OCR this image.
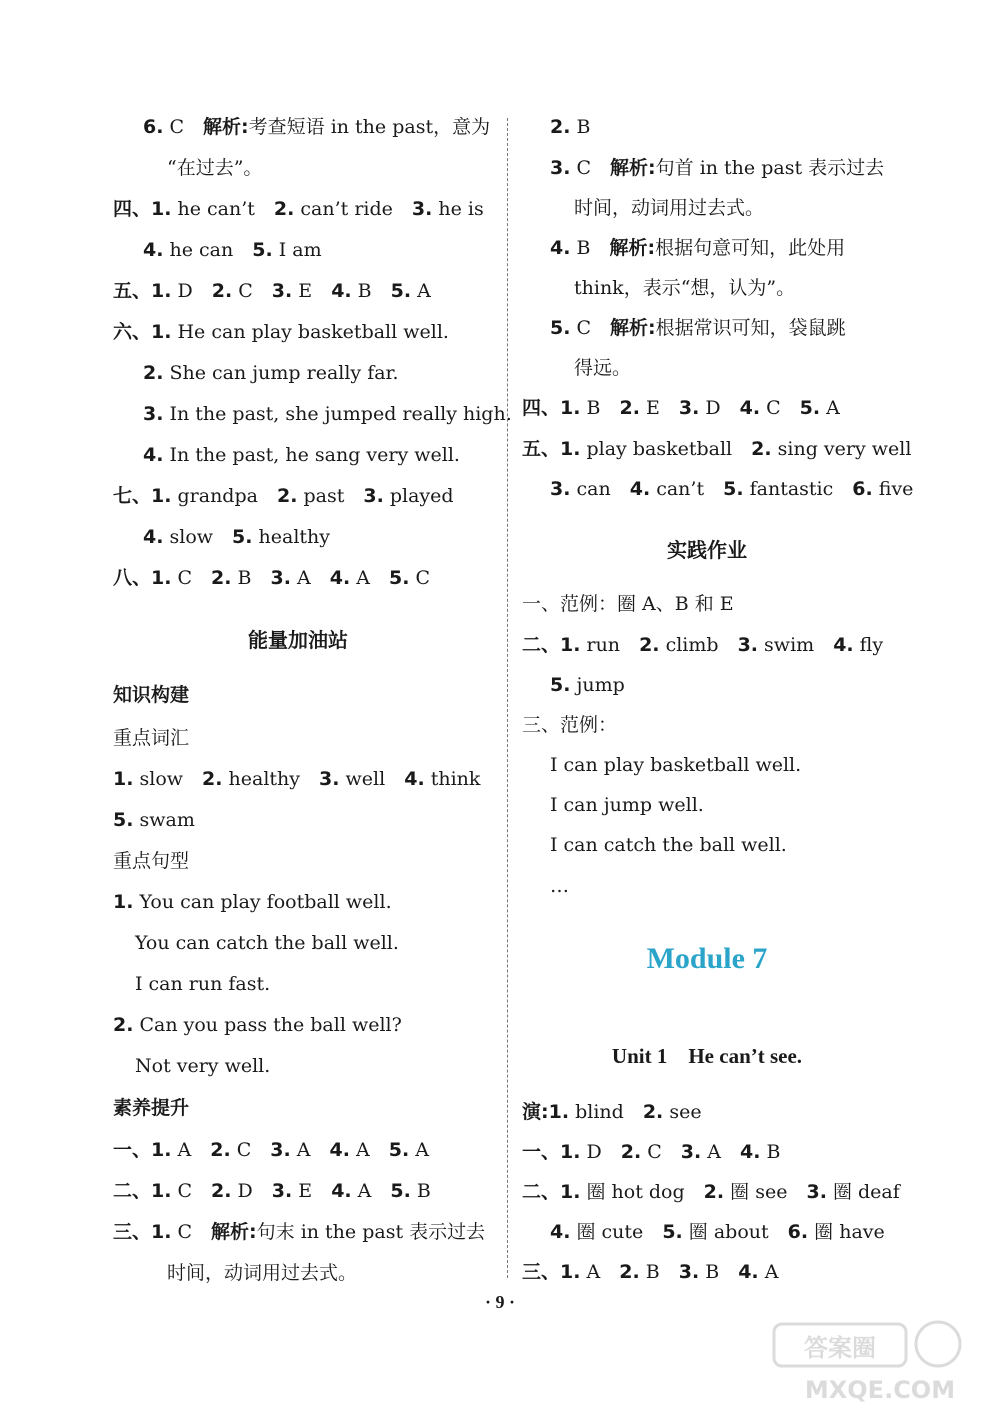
6. C　 解析:考查短语 in the past，意为
“在过去”。
四、1. he can’t　 2. can’t ride　 3. he is
4. he can　 5. I am
五、1. D　 2. C　 3. E　 4. B　 5. A
六、1. He can play basketball well.
2. She can jump really far.
3. In the past, she jumped really high.
4. In the past, he sang very well.
七、1. grandpa　 2. past　 3. played
4. slow　 5. healthy
八、1. C　 2. B　 3. A　 4. A　 5. C
能量加油站
知识构建
重点词汇
1. slow　 2. healthy　 3. well　 4. think
5. swam
重点句型
1. You can play football well.
You can catch the ball well.
I can run fast.
2. Can you pass the ball well?
Not very well.
素养提升
一、1. A　 2. C　 3. A　 4. A　 5. A
二、1. C　 2. D　 3. E　 4. A　 5. B
三、1. C　 解析:句末 in the past 表示过去
时间，动词用过去式。
2. B
3. C　 解析:句首 in the past 表示过去
时间，动词用过去式。
4. B　 解析:根据句意可知，此处用
think，表示“想，认为”。
5. C　 解析:根据常识可知，袋鼠跳
得远。
四、1. B　 2. E　 3. D　 4. C　 5. A
五、1. play basketball　 2. sing very well
3. can　 4. can’t　 5. fantastic　 6. five
实践作业
一、范例：圈 A、B 和 E
二、1. run　 2. climb　 3. swim　 4. fly
5. jump
三、范例：
I can play basketball well.
I can jump well.
I can catch the ball well.
…
Module 7
Unit 1　He can’t see.
演:1. blind　 2. see
一、1. D　 2. C　 3. A　 4. B
二、1. 圈 hot dog　 2. 圈 see　 3. 圈 deaf
4. 圈 cute　 5. 圈 about　 6. 圈 have
三、1. A　 2. B　 3. B　 4. A
· 9 ·
答案圈
MXQE.COM
